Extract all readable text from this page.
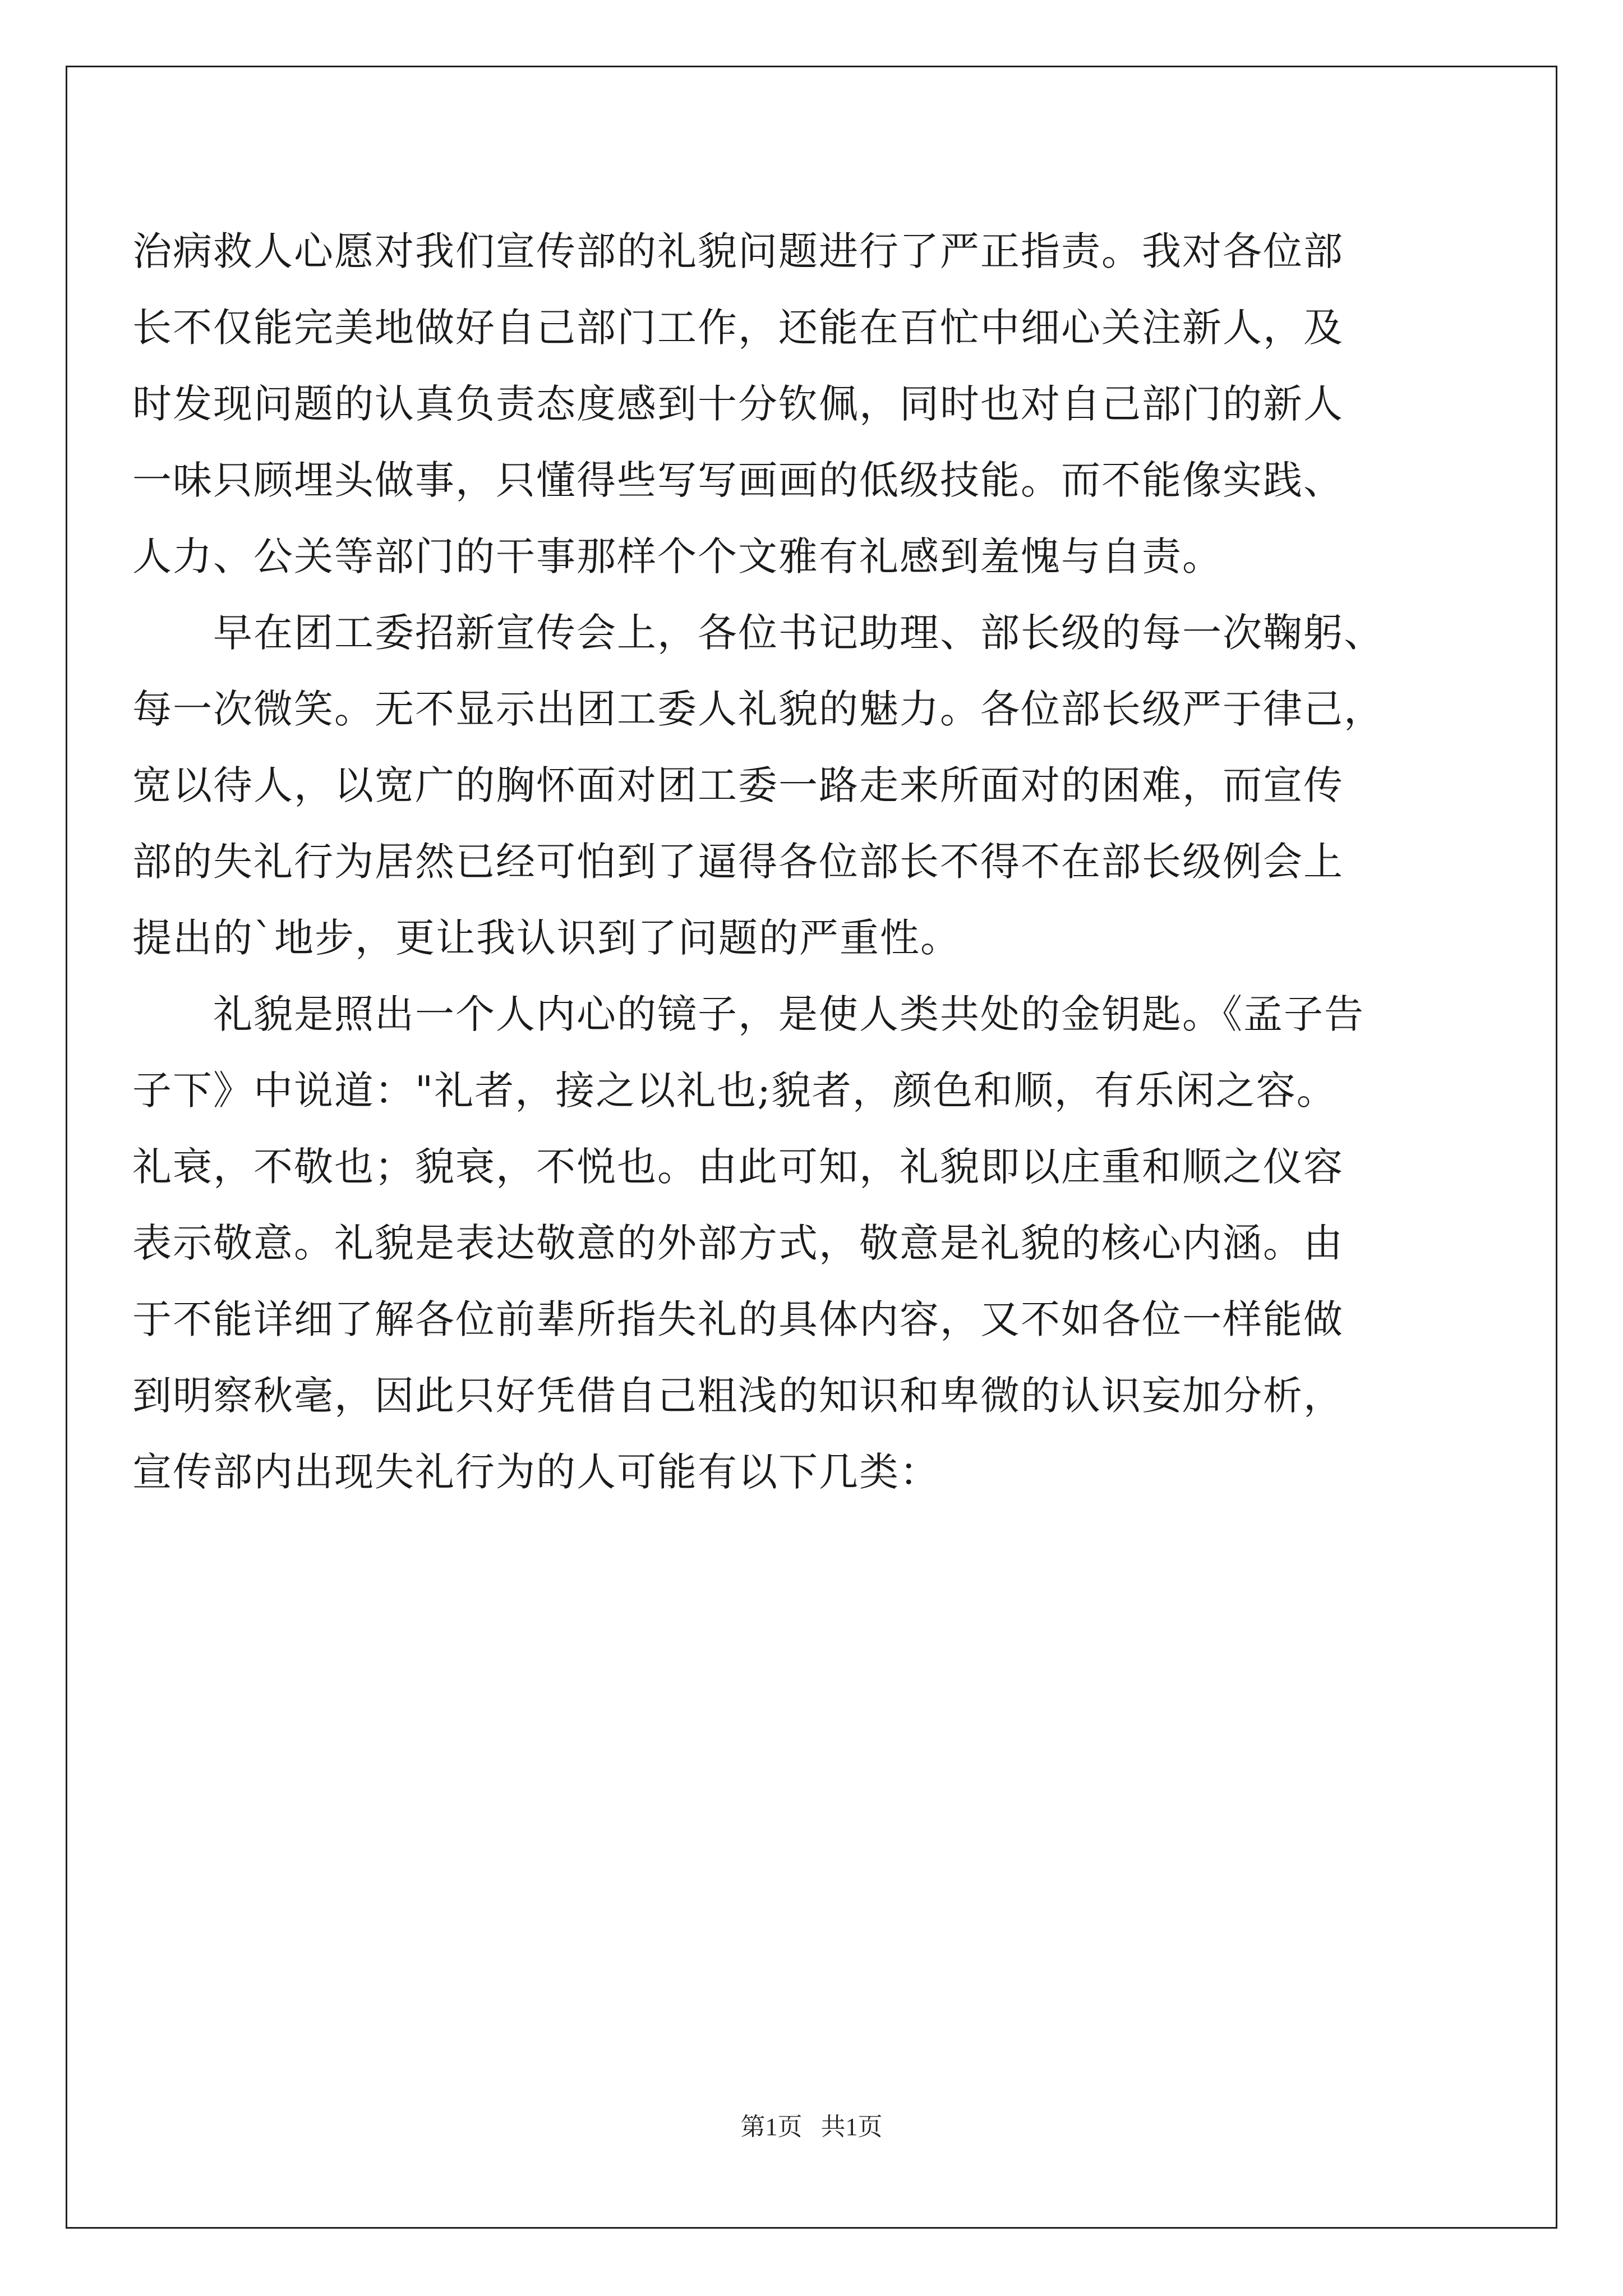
治病救人心愿对我们宣传部的礼貌问题进行了严正指责。我对各位部
长不仅能完美地做好自己部门工作，还能在百忙中细心关注新人，及
时发现问题的认真负责态度感到十分钦佩，同时也对自己部门的新人
一味只顾埋头做事，只懂得些写写画画的低级技能。而不能像实践、
人力、公关等部门的干事那样个个文雅有礼感到羞愧与自责。
早在团工委招新宣传会上，各位书记助理、部长级的每一次鞠躬、
每一次微笑。无不显示出团工委人礼貌的魅力。各位部长级严于律己，
宽以待人，以宽广的胸怀面对团工委一路走来所面对的困难，而宣传
部的失礼行为居然已经可怕到了逼得各位部长不得不在部长级例会上
提出的`地步，更让我认识到了问题的严重性。
礼貌是照出一个人内心的镜子，是使人类共处的金钥匙。《孟子告
子下》中说道："礼者，接之以礼也;貌者，颜色和顺，有乐闲之容。
礼衰，不敬也；貌衰，不悦也。由此可知，礼貌即以庄重和顺之仪容
表示敬意。礼貌是表达敬意的外部方式，敬意是礼貌的核心内涵。由
于不能详细了解各位前辈所指失礼的具体内容，又不如各位一样能做
到明察秋毫，因此只好凭借自己粗浅的知识和卑微的认识妄加分析，
宣传部内出现失礼行为的人可能有以下几类：
第1页   共1页
